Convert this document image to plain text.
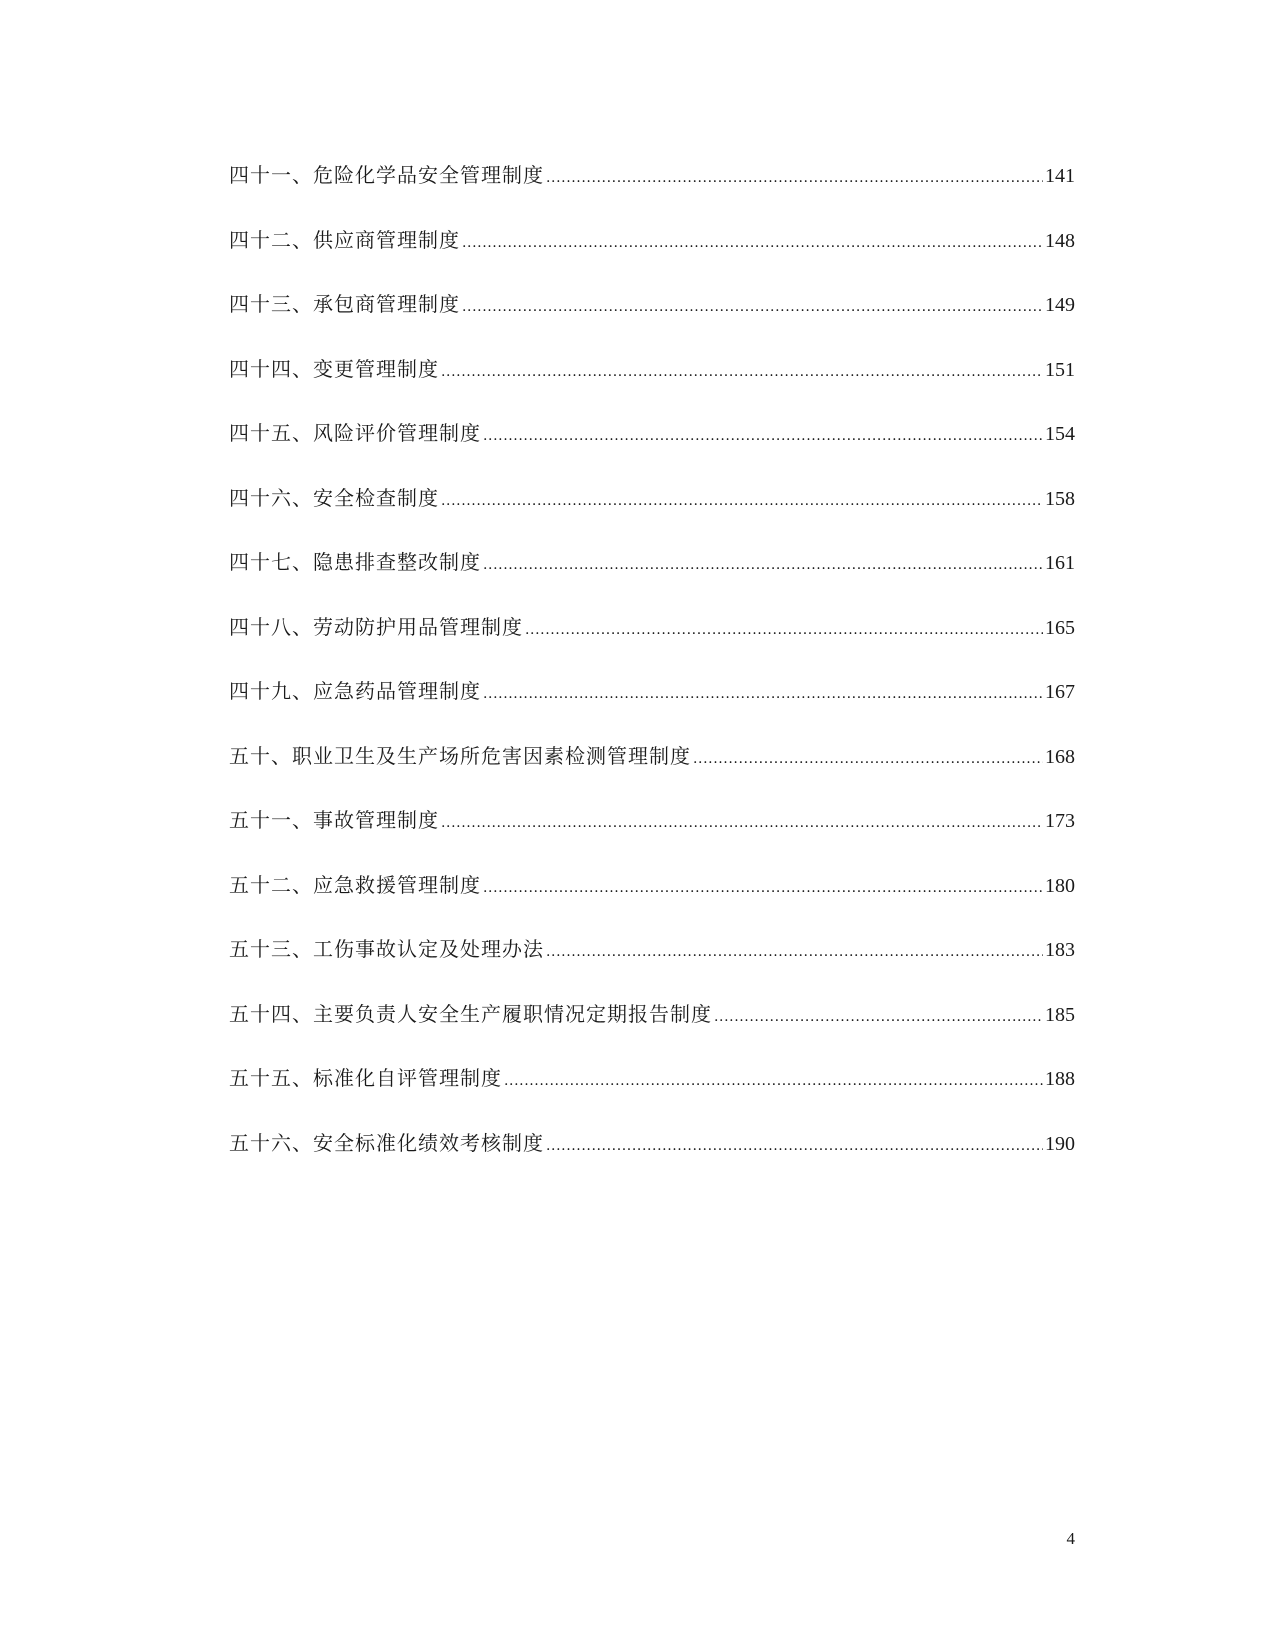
四十一、危险化学品安全管理制度 .....	141
四十二、供应商管理制度 .....	148
四十三、承包商管理制度 .....	149
四十四、变更管理制度 .....	151
四十五、风险评价管理制度 .....	154
四十六、安全检查制度 .....	158
四十七、隐患排查整改制度 .....	161
四十八、劳动防护用品管理制度 .....	165
四十九、应急药品管理制度 .....	167
五十、职业卫生及生产场所危害因素检测管理制度 .....	168
五十一、事故管理制度 .....	173
五十二、应急救援管理制度 .....	180
五十三、工伤事故认定及处理办法 .....	183
五十四、主要负责人安全生产履职情况定期报告制度 .....	185
五十五、标准化自评管理制度 .....	188
五十六、安全标准化绩效考核制度 .....	190
4
